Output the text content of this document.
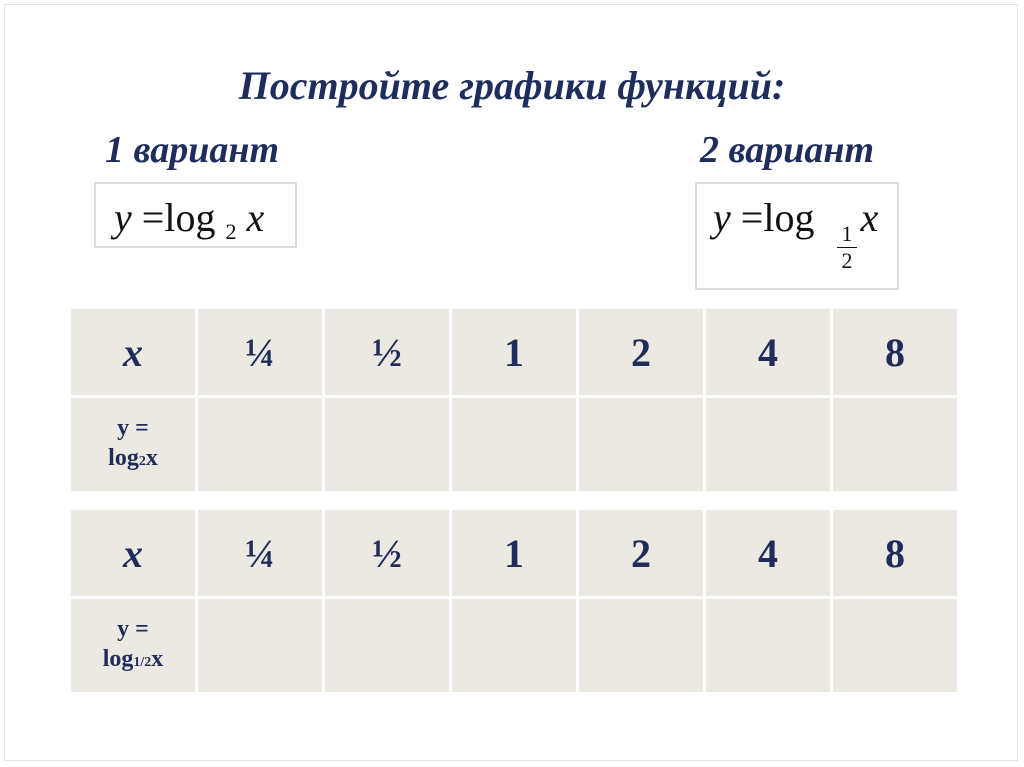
Постройте графики функций:
1 вариант	2 вариант
y =log $_2$ x	y =log x
1
2
x	¼	½	1	2	4	8
y =
log2x						
x	¼	½	1	2	4	8
y =
log1/2x						
